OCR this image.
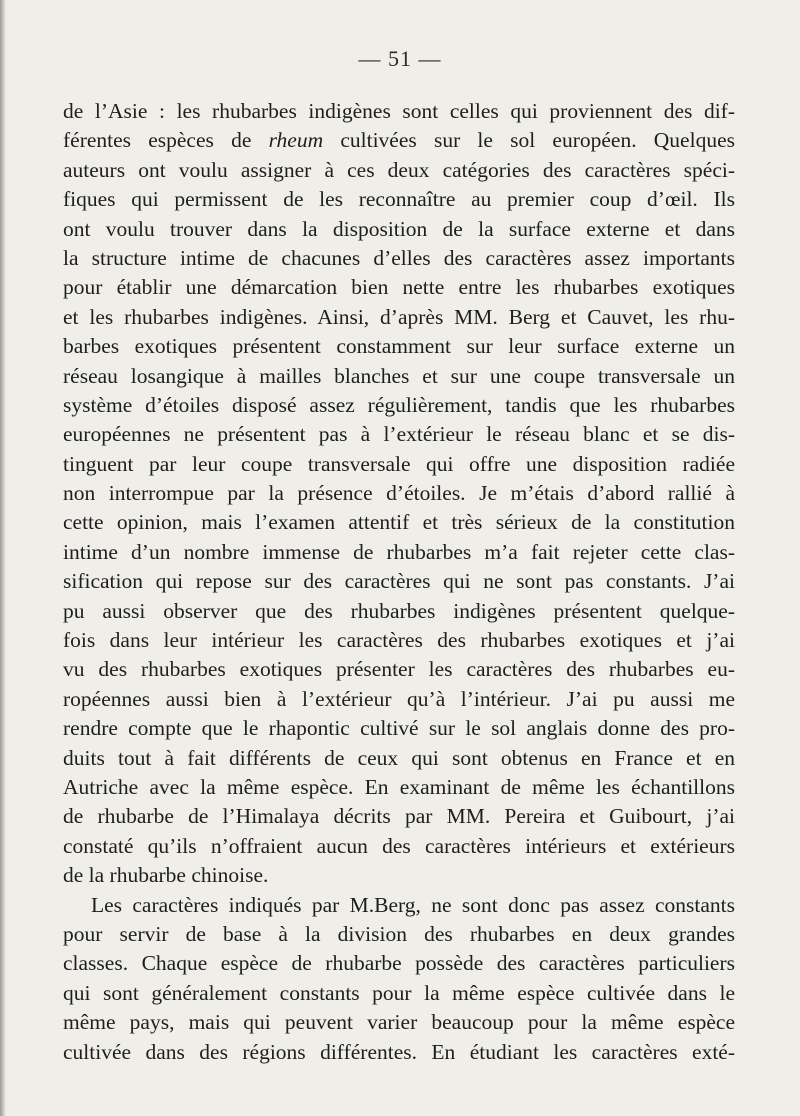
— 51 —
de l’Asie : les rhubarbes indigènes sont celles qui proviennent des dif-
férentes espèces de rheum cultivées sur le sol européen. Quelques
auteurs ont voulu assigner à ces deux catégories des caractères spéci-
fiques qui permissent de les reconnaître au premier coup d’œil. Ils
ont voulu trouver dans la disposition de la surface externe et dans
la structure intime de chacunes d’elles des caractères assez importants
pour établir une démarcation bien nette entre les rhubarbes exotiques
et les rhubarbes indigènes. Ainsi, d’après MM. Berg et Cauvet, les rhu-
barbes exotiques présentent constamment sur leur surface externe un
réseau losangique à mailles blanches et sur une coupe transversale un
système d’étoiles disposé assez régulièrement, tandis que les rhubarbes
européennes ne présentent pas à l’extérieur le réseau blanc et se dis-
tinguent par leur coupe transversale qui offre une disposition radiée
non interrompue par la présence d’étoiles. Je m’étais d’abord rallié à
cette opinion, mais l’examen attentif et très sérieux de la constitution
intime d’un nombre immense de rhubarbes m’a fait rejeter cette clas-
sification qui repose sur des caractères qui ne sont pas constants. J’ai
pu aussi observer que des rhubarbes indigènes présentent quelque-
fois dans leur intérieur les caractères des rhubarbes exotiques et j’ai
vu des rhubarbes exotiques présenter les caractères des rhubarbes eu-
ropéennes aussi bien à l’extérieur qu’à l’intérieur. J’ai pu aussi me
rendre compte que le rhapontic cultivé sur le sol anglais donne des pro-
duits tout à fait différents de ceux qui sont obtenus en France et en
Autriche avec la même espèce. En examinant de même les échantillons
de rhubarbe de l’Himalaya décrits par MM. Pereira et Guibourt, j’ai
constaté qu’ils n’offraient aucun des caractères intérieurs et extérieurs
de la rhubarbe chinoise.
Les caractères indiqués par M.Berg, ne sont donc pas assez constants
pour servir de base à la division des rhubarbes en deux grandes
classes. Chaque espèce de rhubarbe possède des caractères particuliers
qui sont généralement constants pour la même espèce cultivée dans le
même pays, mais qui peuvent varier beaucoup pour la même espèce
cultivée dans des régions différentes. En étudiant les caractères exté-
